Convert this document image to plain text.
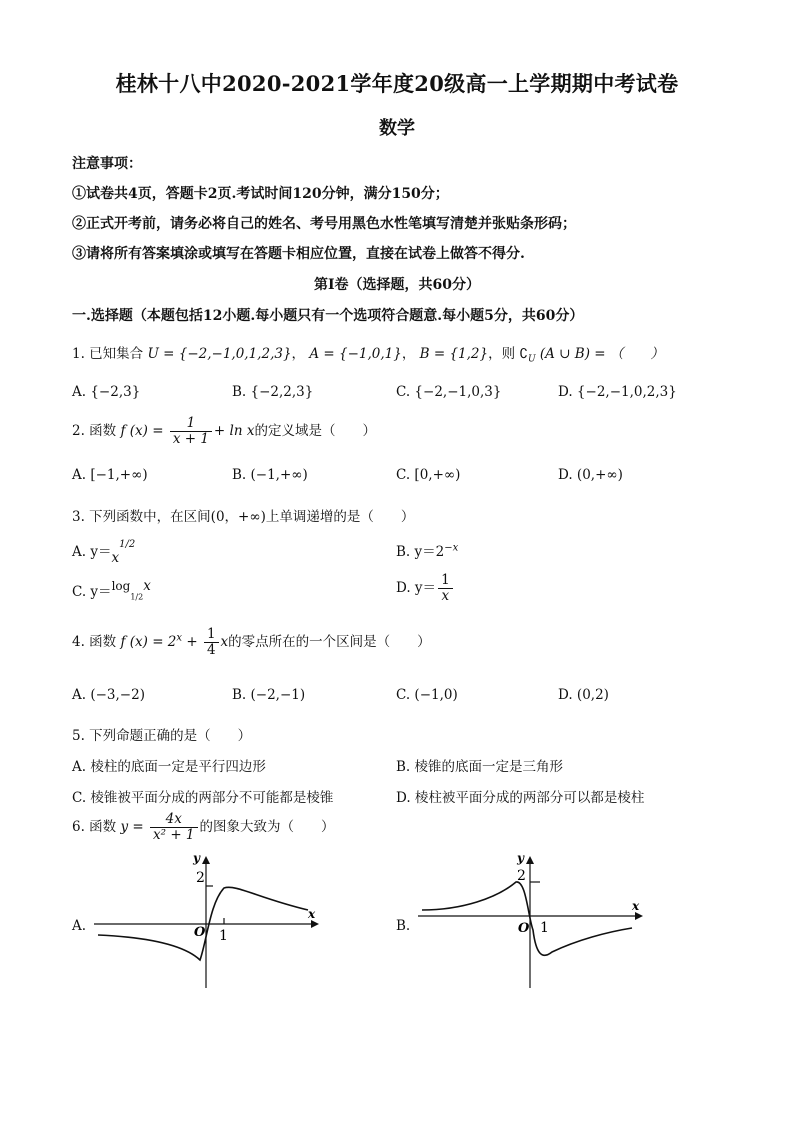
桂林十八中2020-2021学年度20级高一上学期期中考试卷
数学
注意事项：
①试卷共4页，答题卡2页.考试时间120分钟，满分150分；
②正式开考前，请务必将自己的姓名、考号用黑色水性笔填写清楚并张贴条形码；
③请将所有答案填涂或填写在答题卡相应位置，直接在试卷上做答不得分.
第Ⅰ卷（选择题，共60分）
一.选择题（本题包括12小题.每小题只有一个选项符合题意.每小题5分，共60分）
1. 已知集合 U = {−2,−1,0,1,2,3}， A = {−1,0,1}， B = {1,2}，则 $∁_U$ (A ∪ B) = （　　）
A. {−2,3}	B. {−2,2,3}	C. {−2,−1,0,3}	D. {−2,−1,0,2,3}
2. 函数 f $(x) = \frac{1}{x + 1} + \ln x$的定义域是（　　）
A. [−1,+∞)	B. (−1,+∞)	C. [0,+∞)	D. (0,+∞)
3. 下列函数中，在区间(0，+∞)上单调递增的是（　　）
A. $y=x^{1/2}$	B. $y=2^{-x}$
C. $y=\log_{1/2}x$	D. $y= \frac{1}{x}$
4. 函数 f $(x) = 2^x + \frac{1}{4}$ x的零点所在的一个区间是（　　）
A. (−3,−2)	B. (−2,−1)	C. (−1,0)	D. (0,2)
5. 下列命题正确的是（　　）
A. 棱柱的底面一定是平行四边形	B. 棱锥的底面一定是三角形
C. 棱锥被平面分成的两部分不可能都是棱锥	D. 棱柱被平面分成的两部分可以都是棱柱
6. 函数 $y = \frac{4x}{\text{x² + 1}}$ 的图象大致为（　　）
A.
2
1
O
y
x
B.
2
1
O
y
x
